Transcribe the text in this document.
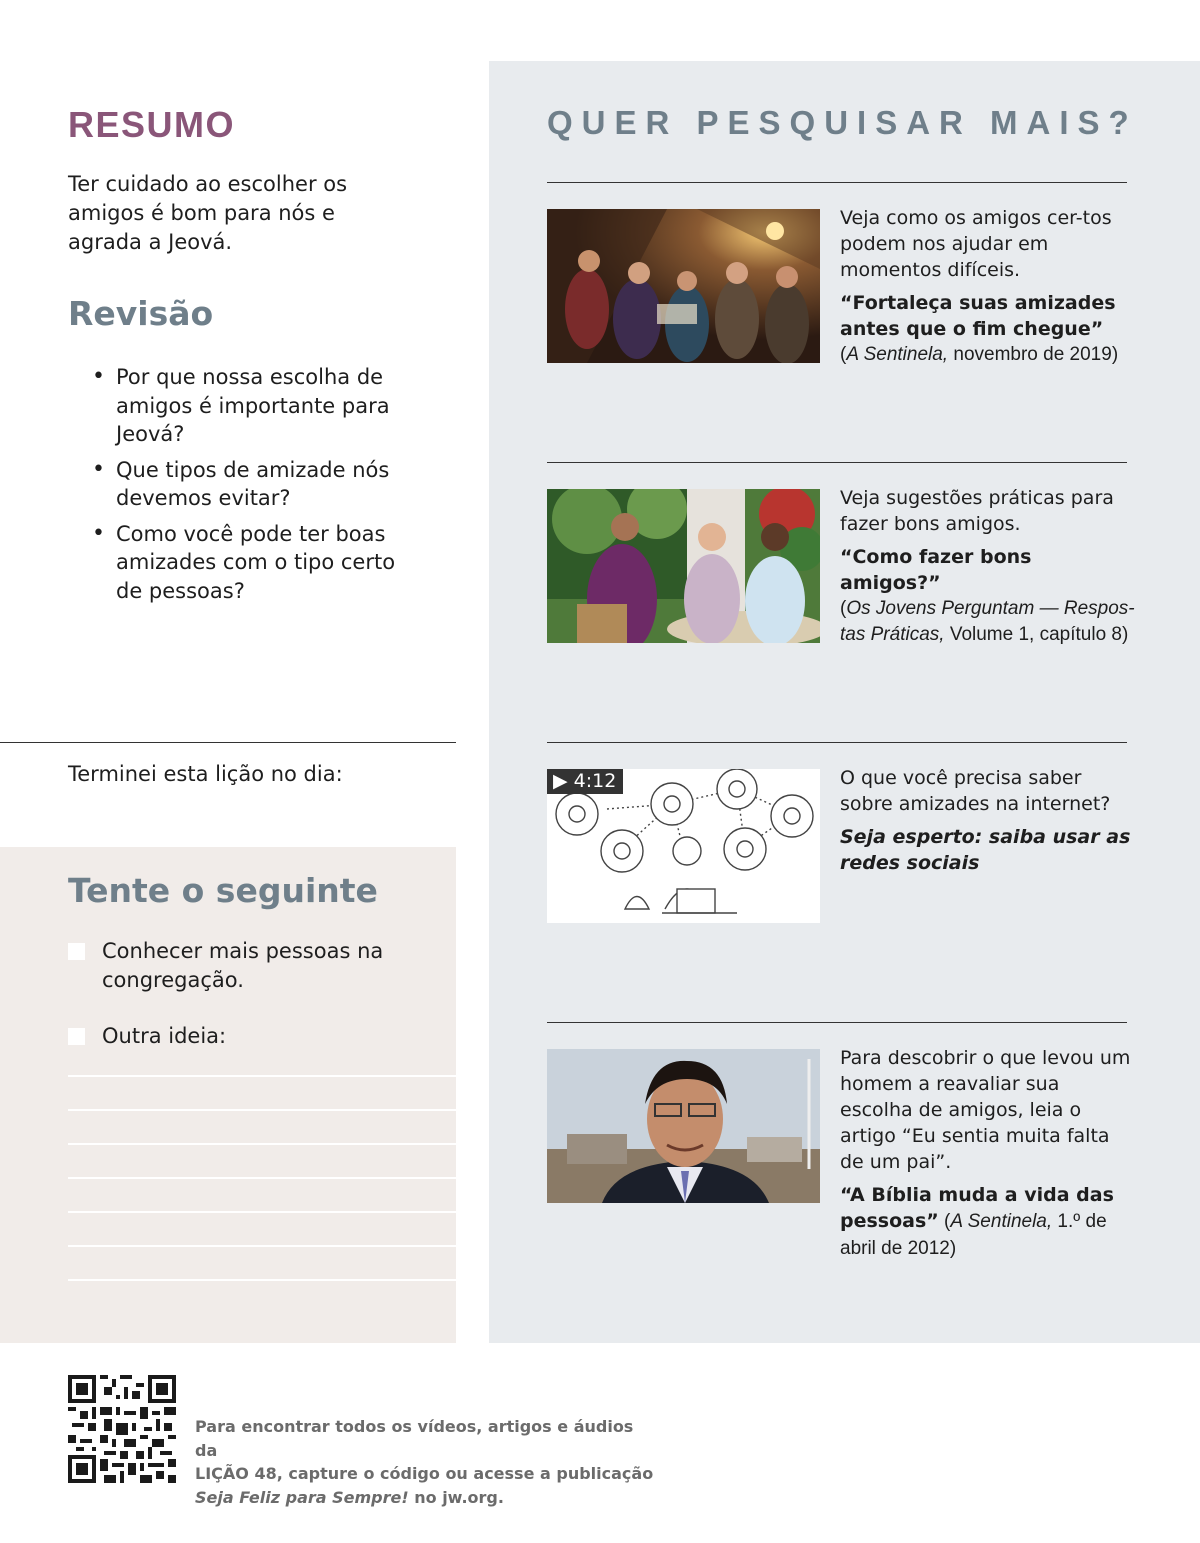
RESUMO

Ter cuidado ao escolher os amigos é bom para nós e agrada a Jeová.

Revisão
• Por que nossa escolha de amigos é importante para Jeová?
• Que tipos de amizade nós devemos evitar?
• Como você pode ter boas amizades com o tipo certo de pessoas?

Terminei esta lição no dia:

Tente o seguinte
Conhecer mais pessoas na congregação.
Outra ideia:
QUER PESQUISAR MAIS?

Veja como os amigos cer-tos podem nos ajudar em momentos difíceis.

“Fortaleça suas amizades antes que o fim chegue”

(A Sentinela, novembro de 2019)

Veja sugestões práticas para fazer bons amigos.

“Como fazer bons amigos?”

(Os Jovens Perguntam — Respos-tas Práticas, Volume 1, capítulo 8)

▶ 4:12	O que você precisa saber sobre amizades na internet?

Seja esperto: saiba usar as redes sociais

Para descobrir o que levou um homem a reavaliar sua escolha de amigos, leia o artigo “Eu sentia muita falta de um pai”.

“A Bíblia muda a vida das pessoas” (A Sentinela, 1.º de abril de 2012)

Para encontrar todos os vídeos, artigos e áudios da

LIÇÃO 48, capture o código ou acesse a publicação

Seja Feliz para Sempre! no jw.org.
